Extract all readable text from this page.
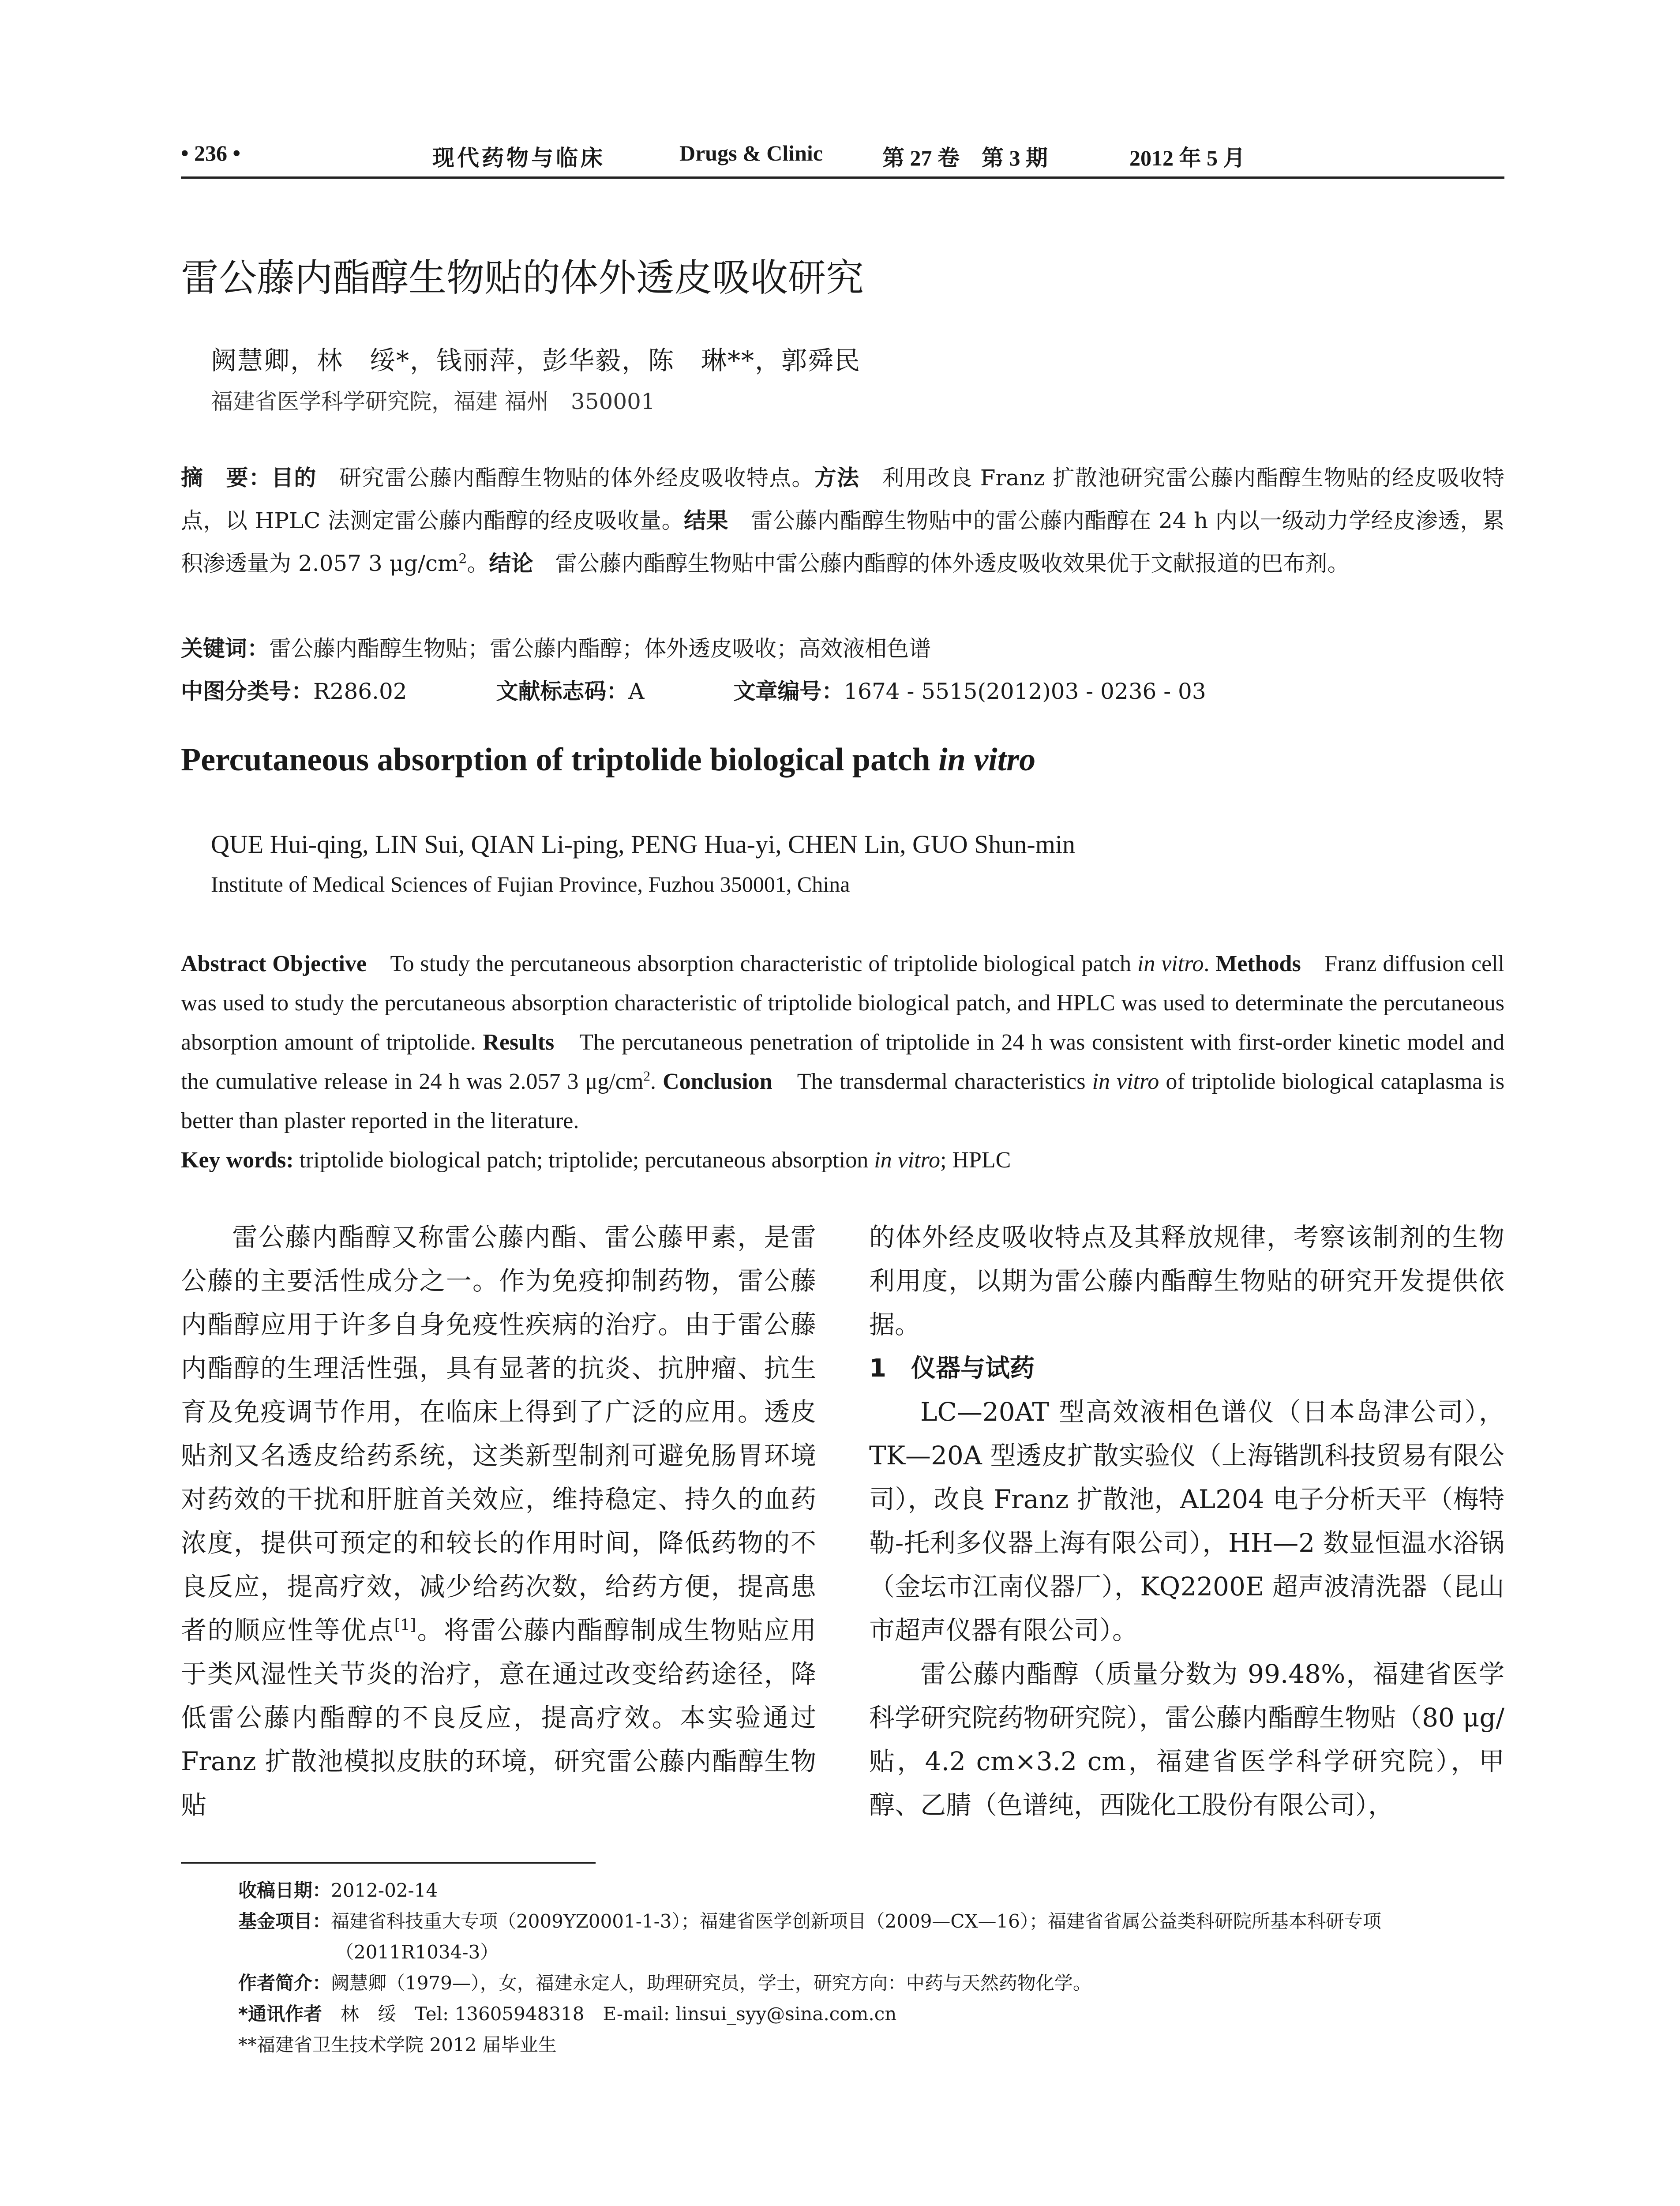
• 236 •	现代药物与临床	Drugs & Clinic	第 27 卷　第 3 期	2012 年 5 月
雷公藤内酯醇生物贴的体外透皮吸收研究
阙慧卿，林　绥*，钱丽萍，彭华毅，陈　琳**，郭舜民
福建省医学科学研究院，福建 福州　350001
摘　要：目的　 研究雷公藤内酯醇生物贴的体外经皮吸收特点。方法　 利用改良 Franz 扩散池研究雷公藤内酯醇生物贴的经皮吸收特点，以 HPLC 法测定雷公藤内酯醇的经皮吸收量。结果　 雷公藤内酯醇生物贴中的雷公藤内酯醇在 24 h 内以一级动力学经皮渗透，累积渗透量为 2.057 3 $\mu g/cm^2$。结论　 雷公藤内酯醇生物贴中雷公藤内酯醇的体外透皮吸收效果优于文献报道的巴布剂。
关键词：雷公藤内酯醇生物贴；雷公藤内酯醇；体外透皮吸收；高效液相色谱
中图分类号：R286.02	文献标志码：A	文章编号：1674 - 5515(2012)03 - 0236 - 03
Percutaneous absorption of triptolide biological patch in vitro
QUE Hui-qing, LIN Sui, QIAN Li-ping, PENG Hua-yi, CHEN Lin, GUO Shun-min
Institute of Medical Sciences of Fujian Province, Fuzhou 350001, China
Abstract Objective　 To study the percutaneous absorption characteristic of triptolide biological patch in vitro. Methods　 Franz diffusion cell was used to study the percutaneous absorption characteristic of triptolide biological patch, and HPLC was used to determinate the percutaneous absorption amount of triptolide. Results　 The percutaneous penetration of triptolide in 24 h was consistent with first-order kinetic model and the cumulative release in 24 h was 2.057 3 $\mu g/cm^2$. Conclusion　 The transdermal characteristics in vitro of triptolide biological cataplasma is better than plaster reported in the literature.
Key words: triptolide biological patch; triptolide; percutaneous absorption in vitro; HPLC

雷公藤内酯醇又称雷公藤内酯、雷公藤甲素，是雷公藤的主要活性成分之一。作为免疫抑制药物，雷公藤内酯醇应用于许多自身免疫性疾病的治疗。由于雷公藤内酯醇的生理活性强，具有显著的抗炎、抗肿瘤、抗生育及免疫调节作用，在临床上得到了广泛的应用。透皮贴剂又名透皮给药系统，这类新型制剂可避免肠胃环境对药效的干扰和肝脏首关效应，维持稳定、持久的血药浓度，提供可预定的和较长的作用时间，降低药物的不良反应，提高疗效，减少给药次数，给药方便，提高患者的顺应性等优点[1]。将雷公藤内酯醇制成生物贴应用于类风湿性关节炎的治疗，意在通过改变给药途径，降低雷公藤内酯醇的不良反应，提高疗效。本实验通过 Franz 扩散池模拟皮肤的环境，研究雷公藤内酯醇生物贴

的体外经皮吸收特点及其释放规律，考察该制剂的生物利用度，以期为雷公藤内酯醇生物贴的研究开发提供依据。

1　仪器与试药

LC—20AT 型高效液相色谱仪（日本岛津公司），TK—20A 型透皮扩散实验仪（上海锴凯科技贸易有限公司），改良 Franz 扩散池，AL204 电子分析天平（梅特勒-托利多仪器上海有限公司），HH—2 数显恒温水浴锅（金坛市江南仪器厂），KQ2200E 超声波清洗器（昆山市超声仪器有限公司）。

雷公藤内酯醇（质量分数为 99.48%，福建省医学科学研究院药物研究院），雷公藤内酯醇生物贴（80 μg/贴，4.2 cm×3.2 cm，福建省医学科学研究院），甲醇、乙腈（色谱纯，西陇化工股份有限公司），

收稿日期：2012-02-14
基金项目：福建省科技重大专项（2009YZ0001-1-3）；福建省医学创新项目（2009—CX—16）；福建省省属公益类科研院所基本科研专项（2011R1034-3）
作者简介：阙慧卿（1979—），女，福建永定人，助理研究员，学士，研究方向：中药与天然药物化学。
*通讯作者　 林　绥　Tel: 13605948318　E-mail: linsui_syy@sina.com.cn
**福建省卫生技术学院 2012 届毕业生
